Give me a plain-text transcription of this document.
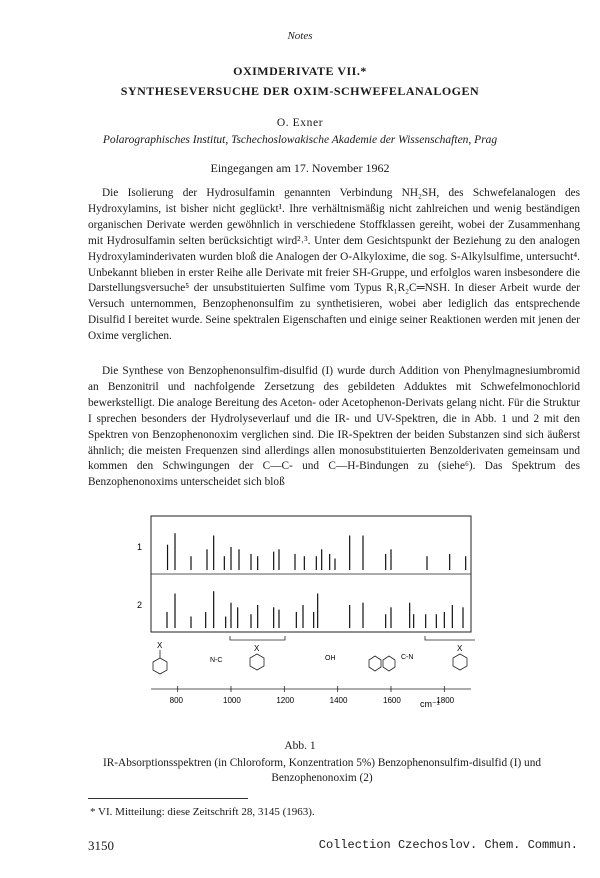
Notes
OXIMDERIVATE VII.*
SYNTHESEVERSUCHE DER OXIM-SCHWEFELANALOGEN
O. Exner
Polarographisches Institut, Tschechoslowakische Akademie der Wissenschaften, Prag
Eingegangen am 17. November 1962

Die Isolierung der Hydrosulfamin genannten Verbindung NH₂SH, des Schwefelanalogen des Hydroxylamins, ist bisher nicht geglückt¹. Ihre verhältnismäßig nicht zahlreichen und wenig beständigen organischen Derivate werden gewöhnlich in verschiedene Stoffklassen gereiht, wobei der Zusammenhang mit Hydrosulfamin selten berücksichtigt wird²˒³. Unter dem Gesichtspunkt der Beziehung zu den analogen Hydroxylaminderivaten wurden bloß die Analogen der O-Alkyloxime, die sog. S-Alkylsulfime, untersucht⁴. Unbekannt blieben in erster Reihe alle Derivate mit freier SH-Gruppe, und erfolglos waren insbesondere die Darstellungsversuche⁵ der unsubstituierten Sulfime vom Typus R₁R₂C═NSH. In dieser Arbeit wurde der Versuch unternommen, Benzophenonsulfim zu synthetisieren, wobei aber lediglich das entsprechende Disulfid I bereitet wurde. Seine spektralen Eigenschaften und einige seiner Reaktionen werden mit jenen der Oxime verglichen.

Die Synthese von Benzophenonsulfim-disulfid (I) wurde durch Addition von Phenylmagnesiumbromid an Benzonitril und nachfolgende Zersetzung des gebildeten Adduktes mit Schwefelmonochlorid bewerkstelligt. Die analoge Bereitung des Aceton- oder Acetophenon-Derivats gelang nicht. Für die Struktur I sprechen besonders der Hydrolyseverlauf und die IR- und UV-Spektren, die in Abb. 1 und 2 mit den Spektren von Benzophenonoxim verglichen sind. Die IR-Spektren der beiden Substanzen sind sich äußerst ähnlich; die meisten Frequenzen sind allerdings allen monosubstituierten Benzolderivaten gemeinsam und kommen den Schwingungen der C—C- und C—H-Bindungen zu (siehe⁶). Das Spektrum des Benzophenonoxims unterscheidet sich bloß

X
N-C
X
OH	C-N
X
1
2
800	1000	1200	1400	1600	1800
cm⁻¹
Abb. 1
IR-Absorptionsspektren (in Chloroform, Konzentration 5%) Benzophenonsulfim-disulfid (I) und Benzophenonoxim (2)
* VI. Mitteilung: diese Zeitschrift 28, 3145 (1963).
3150	Collection Czechoslov. Chem. Commun.
